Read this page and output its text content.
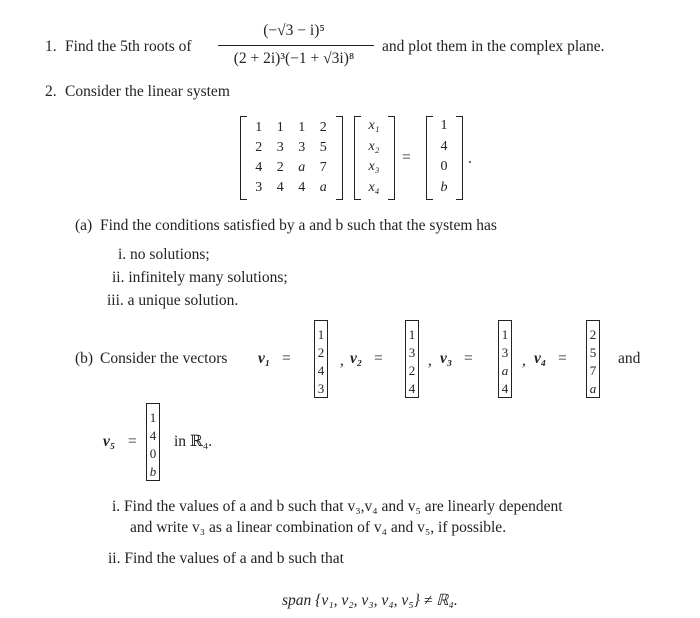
1. Find the 5th roots of
(−√3 − i)⁵
(2 + 2i)³(−1 + √3i)⁸
and plot them in the complex plane.
2. Consider the linear system
1	1	1	2
2	3	3	5
4	2	a	7
3	4	4	a
x₁
x₂
x₃
x₄
=
1
4
0
b
.
(a) Find the conditions satisfied by a and b such that the system has
i. no solutions;
ii. infinitely many solutions;
iii. a unique solution.
(b) Consider the vectors v₁ =
1
2
4
3
, v₂ =
1
3
2
4
, v₃ =
1
3
a
4
, v₄ =
2
5
7
a
and
v₅ =
1
4
0
b
in ℝ₄.
i. Find the values of a and b such that v₃,v₄ and v₅ are linearly dependent
and write v₃ as a linear combination of v₄ and v₅, if possible.
ii. Find the values of a and b such that
span {v₁, v₂, v₃, v₄, v₅} ≠ ℝ₄.
